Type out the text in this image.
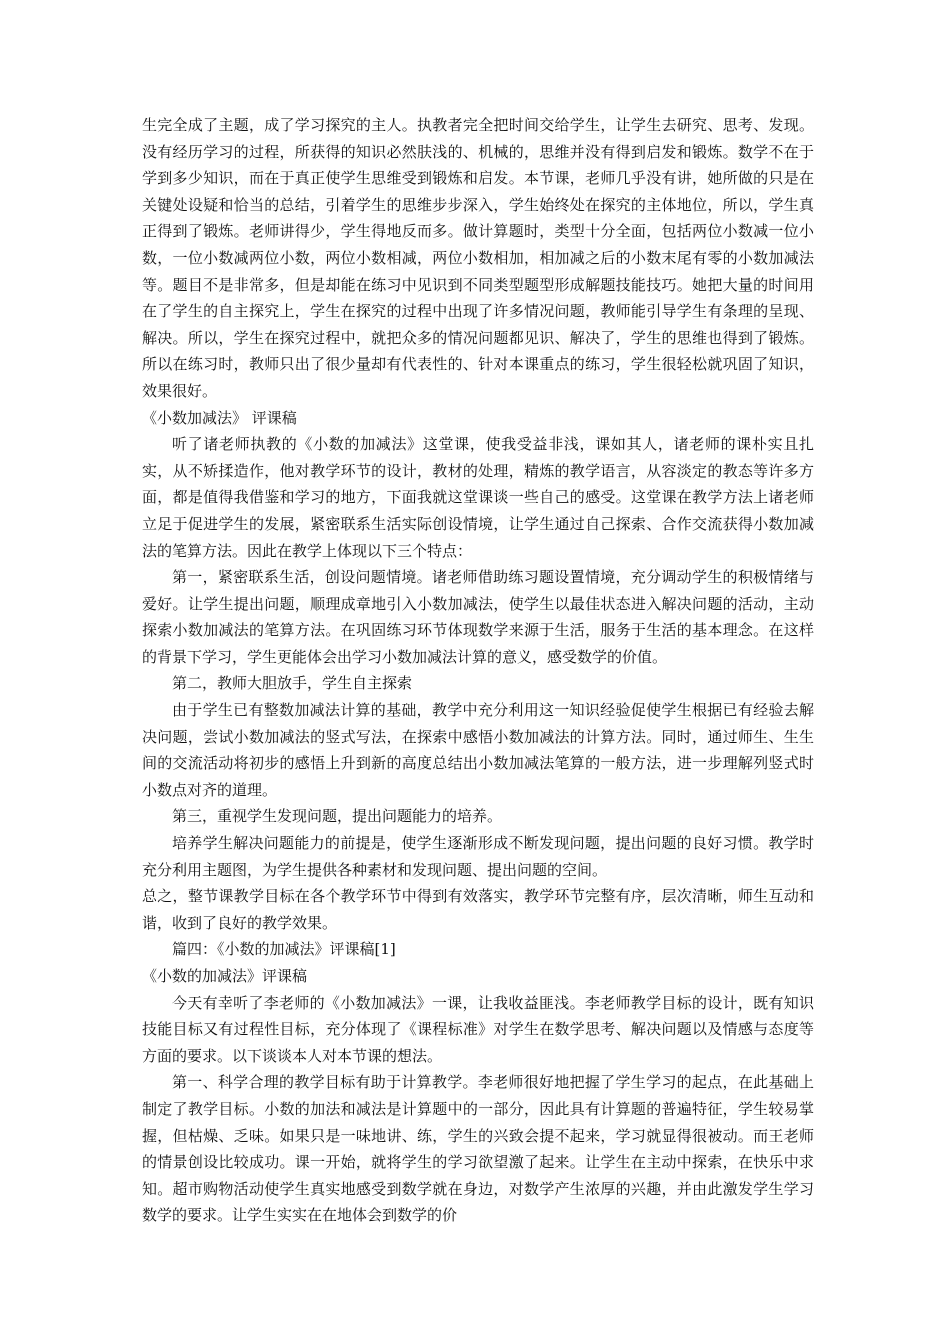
生完全成了主题，成了学习探究的主人。执教者完全把时间交给学生，让学生去研究、思考、发现。没有经历学习的过程，所获得的知识必然肤浅的、机械的，思维并没有得到启发和锻炼。数学不在于学到多少知识，而在于真正使学生思维受到锻炼和启发。本节课，老师几乎没有讲，她所做的只是在关键处设疑和恰当的总结，引着学生的思维步步深入，学生始终处在探究的主体地位，所以，学生真正得到了锻炼。老师讲得少，学生得地反而多。做计算题时，类型十分全面，包括两位小数减一位小数，一位小数减两位小数，两位小数相减，两位小数相加，相加减之后的小数末尾有零的小数加减法等。题目不是非常多，但是却能在练习中见识到不同类型题型形成解题技能技巧。她把大量的时间用在了学生的自主探究上，学生在探究的过程中出现了许多情况问题，教师能引导学生有条理的呈现、解决。所以，学生在探究过程中，就把众多的情况问题都见识、解决了，学生的思维也得到了锻炼。所以在练习时，教师只出了很少量却有代表性的、针对本课重点的练习，学生很轻松就巩固了知识，效果很好。

《小数加减法》 评课稿

听了诸老师执教的《小数的加减法》这堂课，使我受益非浅，课如其人，诸老师的课朴实且扎实，从不矫揉造作，他对教学环节的设计，教材的处理，精炼的教学语言，从容淡定的教态等许多方面，都是值得我借鉴和学习的地方，下面我就这堂课谈一些自己的感受。这堂课在教学方法上诸老师立足于促进学生的发展，紧密联系生活实际创设情境，让学生通过自己探索、合作交流获得小数加减法的笔算方法。因此在教学上体现以下三个特点：

第一，紧密联系生活，创设问题情境。诸老师借助练习题设置情境，充分调动学生的积极情绪与爱好。让学生提出问题，顺理成章地引入小数加减法，使学生以最佳状态进入解决问题的活动，主动探索小数加减法的笔算方法。在巩固练习环节体现数学来源于生活，服务于生活的基本理念。在这样的背景下学习，学生更能体会出学习小数加减法计算的意义，感受数学的价值。

第二，教师大胆放手，学生自主探索

由于学生已有整数加减法计算的基础，教学中充分利用这一知识经验促使学生根据已有经验去解决问题，尝试小数加减法的竖式写法，在探索中感悟小数加减法的计算方法。同时，通过师生、生生间的交流活动将初步的感悟上升到新的高度总结出小数加减法笔算的一般方法，进一步理解列竖式时小数点对齐的道理。

第三，重视学生发现问题，提出问题能力的培养。

培养学生解决问题能力的前提是，使学生逐渐形成不断发现问题，提出问题的良好习惯。教学时充分利用主题图，为学生提供各种素材和发现问题、提出问题的空间。

总之，整节课教学目标在各个教学环节中得到有效落实，教学环节完整有序，层次清晰，师生互动和谐，收到了良好的教学效果。

篇四：《小数的加减法》评课稿[1]

《小数的加减法》评课稿

今天有幸听了李老师的《小数加减法》一课，让我收益匪浅。李老师教学目标的设计，既有知识技能目标又有过程性目标，充分体现了《课程标准》对学生在数学思考、解决问题以及情感与态度等方面的要求。以下谈谈本人对本节课的想法。

第一、科学合理的教学目标有助于计算教学。李老师很好地把握了学生学习的起点，在此基础上制定了教学目标。小数的加法和减法是计算题中的一部分，因此具有计算题的普遍特征，学生较易掌握，但枯燥、乏味。如果只是一味地讲、练，学生的兴致会提不起来，学习就显得很被动。而王老师的情景创设比较成功。课一开始，就将学生的学习欲望激了起来。让学生在主动中探索，在快乐中求知。超市购物活动使学生真实地感受到数学就在身边，对数学产生浓厚的兴趣，并由此激发学生学习数学的要求。让学生实实在在地体会到数学的价
